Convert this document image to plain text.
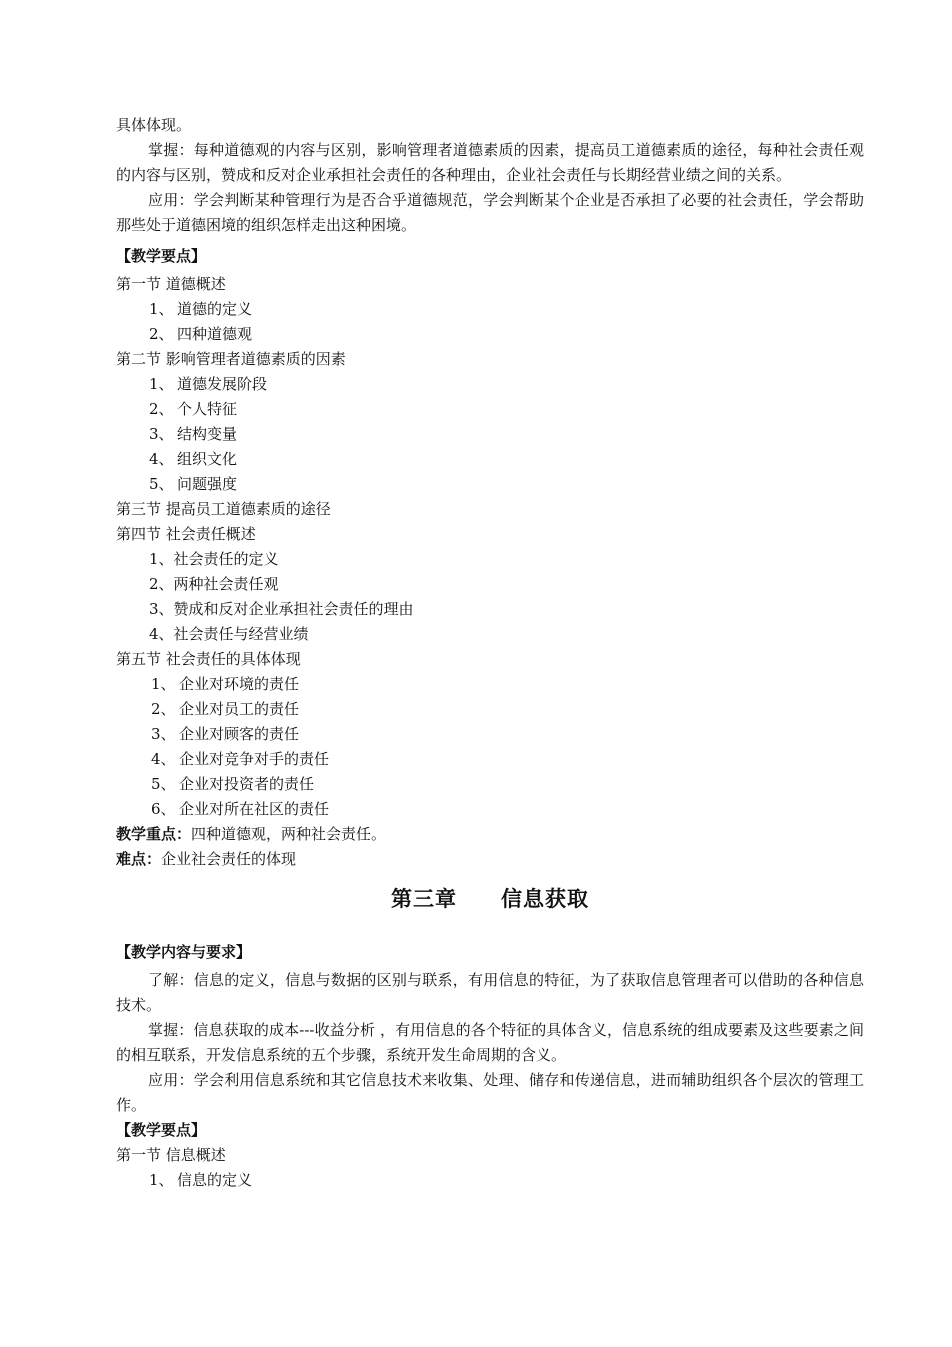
具体体现。

掌握：每种道德观的内容与区别，影响管理者道德素质的因素，提高员工道德素质的途径，每种社会责任观的内容与区别，赞成和反对企业承担社会责任的各种理由，企业社会责任与长期经营业绩之间的关系。

应用：学会判断某种管理行为是否合乎道德规范，学会判断某个企业是否承担了必要的社会责任，学会帮助那些处于道德困境的组织怎样走出这种困境。

【教学要点】

第一节 道德概述

1、 道德的定义

2、 四种道德观

第二节 影响管理者道德素质的因素

1、 道德发展阶段

2、 个人特征

3、 结构变量

4、 组织文化

5、 问题强度

第三节 提高员工道德素质的途径

第四节 社会责任概述

1、社会责任的定义

2、两种社会责任观

3、赞成和反对企业承担社会责任的理由

4、社会责任与经营业绩

第五节 社会责任的具体体现

1、 企业对环境的责任

2、 企业对员工的责任

3、 企业对顾客的责任

4、 企业对竞争对手的责任

5、 企业对投资者的责任

6、 企业对所在社区的责任

教学重点：四种道德观，两种社会责任。

难点：企业社会责任的体现

第三章 信息获取

【教学内容与要求】

了解：信息的定义，信息与数据的区别与联系，有用信息的特征，为了获取信息管理者可以借助的各种信息技术。

掌握：信息获取的成本---收益分析 ，有用信息的各个特征的具体含义，信息系统的组成要素及这些要素之间的相互联系，开发信息系统的五个步骤，系统开发生命周期的含义。

应用：学会利用信息系统和其它信息技术来收集、处理、储存和传递信息，进而辅助组织各个层次的管理工作。

【教学要点】

第一节 信息概述

1、 信息的定义
